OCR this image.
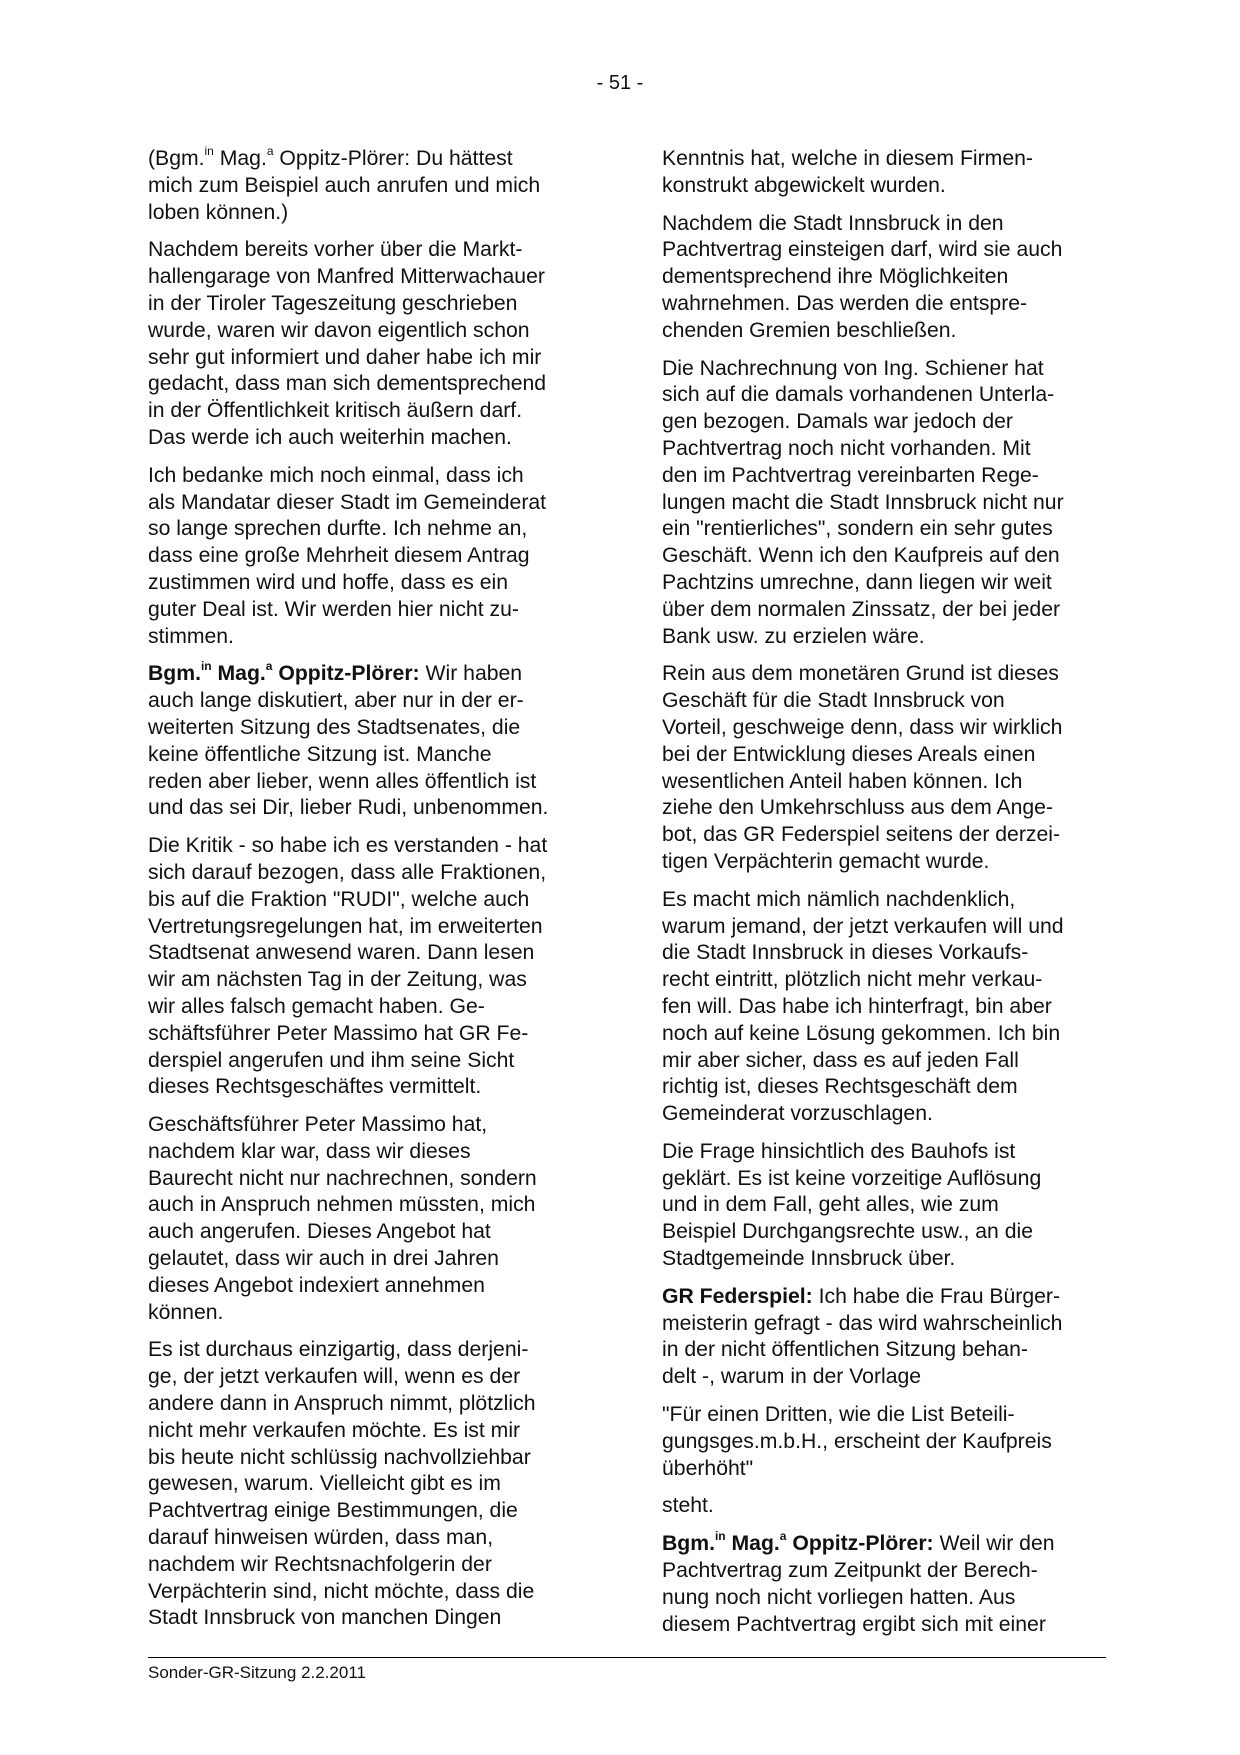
- 51 -

(Bgm.$^{in}$ Mag.$^a$ Oppitz-Plörer: Du hättest
mich zum Beispiel auch anrufen und mich
loben können.)

Nachdem bereits vorher über die Markt-
hallengarage von Manfred Mitterwachauer
in der Tiroler Tageszeitung geschrieben
wurde, waren wir davon eigentlich schon
sehr gut informiert und daher habe ich mir
gedacht, dass man sich dementsprechend
in der Öffentlichkeit kritisch äußern darf.
Das werde ich auch weiterhin machen.

Ich bedanke mich noch einmal, dass ich
als Mandatar dieser Stadt im Gemeinderat
so lange sprechen durfte. Ich nehme an,
dass eine große Mehrheit diesem Antrag
zustimmen wird und hoffe, dass es ein
guter Deal ist. Wir werden hier nicht zu-
stimmen.

Bgm.$^{in}$ Mag.$^a$ Oppitz-Plörer: Wir haben
auch lange diskutiert, aber nur in der er-
weiterten Sitzung des Stadtsenates, die
keine öffentliche Sitzung ist. Manche
reden aber lieber, wenn alles öffentlich ist
und das sei Dir, lieber Rudi, unbenommen.

Die Kritik - so habe ich es verstanden - hat
sich darauf bezogen, dass alle Fraktionen,
bis auf die Fraktion "RUDI", welche auch
Vertretungsregelungen hat, im erweiterten
Stadtsenat anwesend waren. Dann lesen
wir am nächsten Tag in der Zeitung, was
wir alles falsch gemacht haben. Ge-
schäftsführer Peter Massimo hat GR Fe-
derspiel angerufen und ihm seine Sicht
dieses Rechtsgeschäftes vermittelt.

Geschäftsführer Peter Massimo hat,
nachdem klar war, dass wir dieses
Baurecht nicht nur nachrechnen, sondern
auch in Anspruch nehmen müssten, mich
auch angerufen. Dieses Angebot hat
gelautet, dass wir auch in drei Jahren
dieses Angebot indexiert annehmen
können.

Es ist durchaus einzigartig, dass derjeni-
ge, der jetzt verkaufen will, wenn es der
andere dann in Anspruch nimmt, plötzlich
nicht mehr verkaufen möchte. Es ist mir
bis heute nicht schlüssig nachvollziehbar
gewesen, warum. Vielleicht gibt es im
Pachtvertrag einige Bestimmungen, die
darauf hinweisen würden, dass man,
nachdem wir Rechtsnachfolgerin der
Verpächterin sind, nicht möchte, dass die
Stadt Innsbruck von manchen Dingen

Kenntnis hat, welche in diesem Firmen-
konstrukt abgewickelt wurden.

Nachdem die Stadt Innsbruck in den
Pachtvertrag einsteigen darf, wird sie auch
dementsprechend ihre Möglichkeiten
wahrnehmen. Das werden die entspre-
chenden Gremien beschließen.

Die Nachrechnung von Ing. Schiener hat
sich auf die damals vorhandenen Unterla-
gen bezogen. Damals war jedoch der
Pachtvertrag noch nicht vorhanden. Mit
den im Pachtvertrag vereinbarten Rege-
lungen macht die Stadt Innsbruck nicht nur
ein "rentierliches", sondern ein sehr gutes
Geschäft. Wenn ich den Kaufpreis auf den
Pachtzins umrechne, dann liegen wir weit
über dem normalen Zinssatz, der bei jeder
Bank usw. zu erzielen wäre.

Rein aus dem monetären Grund ist dieses
Geschäft für die Stadt Innsbruck von
Vorteil, geschweige denn, dass wir wirklich
bei der Entwicklung dieses Areals einen
wesentlichen Anteil haben können. Ich
ziehe den Umkehrschluss aus dem Ange-
bot, das GR Federspiel seitens der derzei-
tigen Verpächterin gemacht wurde.

Es macht mich nämlich nachdenklich,
warum jemand, der jetzt verkaufen will und
die Stadt Innsbruck in dieses Vorkaufs-
recht eintritt, plötzlich nicht mehr verkau-
fen will. Das habe ich hinterfragt, bin aber
noch auf keine Lösung gekommen. Ich bin
mir aber sicher, dass es auf jeden Fall
richtig ist, dieses Rechtsgeschäft dem
Gemeinderat vorzuschlagen.

Die Frage hinsichtlich des Bauhofs ist
geklärt. Es ist keine vorzeitige Auflösung
und in dem Fall, geht alles, wie zum
Beispiel Durchgangsrechte usw., an die
Stadtgemeinde Innsbruck über.

GR Federspiel: Ich habe die Frau Bürger-
meisterin gefragt - das wird wahrscheinlich
in der nicht öffentlichen Sitzung behan-
delt -, warum in der Vorlage

"Für einen Dritten, wie die List Beteili-
gungsges.m.b.H., erscheint der Kaufpreis
überhöht"

steht.

Bgm.$^{in}$ Mag.$^a$ Oppitz-Plörer: Weil wir den
Pachtvertrag zum Zeitpunkt der Berech-
nung noch nicht vorliegen hatten. Aus
diesem Pachtvertrag ergibt sich mit einer

Sonder-GR-Sitzung 2.2.2011
